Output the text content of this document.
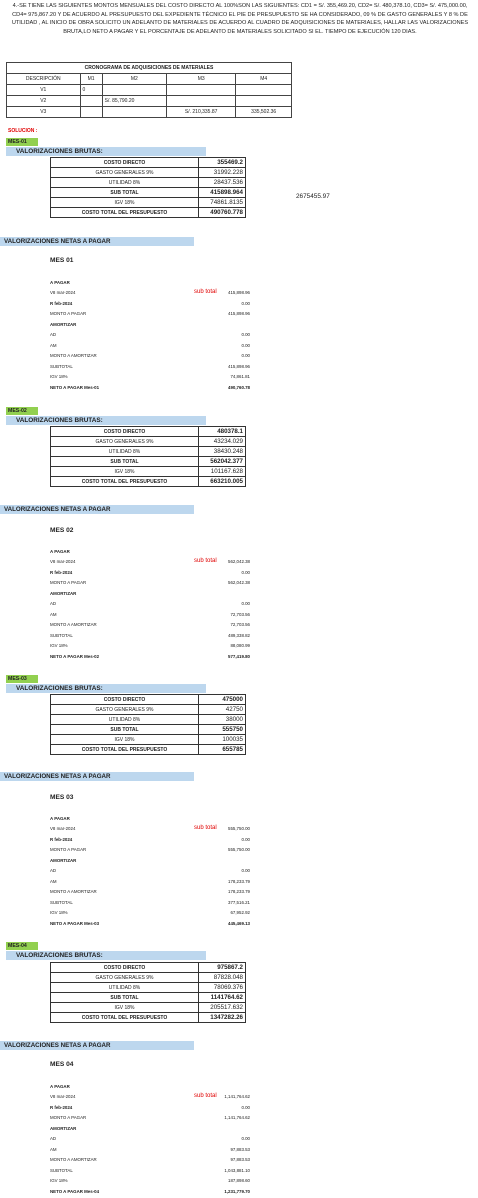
4.-SE TIENE LAS SIGUIENTES MONTOS MENSUALES DEL COSTO DIRECTO AL 100%SON LAS SIGUIENTES: CD1 = S/. 355,469.20, CD2= S/. 480,378.10, CD3= S/. 475,000.00, CD4= 975,867.20 Y DE ACUERDO AL PRESUPUESTO DEL EXPEDIENTE TÉCNICO EL PIE DE PRESUPUESTO SE HA CONSIDERADO, 09 % DE GASTO GENERALES Y 8 % DE UTILIDAD , AL INICIO DE OBRA SOLICITO UN ADELANTO DE MATERIALES DE ACUERDO AL CUADRO DE ADQUISICIONES DE MATERIALES, HALLAR LAS VALORIZACIONES BRUTA,LO NETO A PAGAR Y EL PORCENTAJE DE ADELANTO DE MATERIALES SOLICITADO SI EL. TIEMPO DE EJECUCIÓN 120 DIAS.
CRONOGRAMA DE ADQUISICIONES DE MATERIALES				
DESCRIPCIÓN	M1	M2	M3	M4
V1	0			
V2		S/. 85,790.20		
V3			S/. 210,335.87	335,502.36
SOLUCION :
2675455.97
MES-01
VALORIZACIONES BRUTAS:
COSTO DIRECTO	355469.2
GASTO GENERALES 9%	31992.228
UTILIDAD 8%	28437.536
SUB TOTAL	415898.964
IGV 18%	74861.8135
COSTO TOTAL DEL PRESUPUESTO	490760.778
VALORIZACIONES NETAS A PAGAR
MES 01
sub total
A PAGAR	
V8 mar-2024	415,898.96
R feb-2024	0.00
MONTO A PAGAR	415,898.96
AMORTIZAR	
AD	0.00
AM	0.00
MONTO A AMORTIZAR	0.00
SUBTOTAL	415,898.96
IGV 18%	74,861.81
NETO A PAGAR Mes-01	490,760.78
MES-02
VALORIZACIONES BRUTAS:
COSTO DIRECTO	480378.1
GASTO GENERALES 9%	43234.029
UTILIDAD 8%	38430.248
SUB TOTAL	562042.377
IGV 18%	101167.628
COSTO TOTAL DEL PRESUPUESTO	663210.005
VALORIZACIONES NETAS A PAGAR
MES 02
sub total
A PAGAR	
V8 mar-2024	562,042.38
R feb-2024	0.00
MONTO A PAGAR	562,042.38
AMORTIZAR	
AD	0.00
AM	72,703.56
MONTO A AMORTIZAR	72,703.56
SUBTOTAL	489,338.82
IGV 18%	88,080.99
NETO A PAGAR Mes-02	577,419.80
MES-03
VALORIZACIONES BRUTAS:
COSTO DIRECTO	475000
GASTO GENERALES 9%	42750
UTILIDAD 8%	38000
SUB TOTAL	555750
IGV 18%	100035
COSTO TOTAL DEL PRESUPUESTO	655785
VALORIZACIONES NETAS A PAGAR
MES 03
sub total
A PAGAR	
V8 mar-2024	555,750.00
R feb-2024	0.00
MONTO A PAGAR	555,750.00
AMORTIZAR	
AD	0.00
AM	178,233.79
MONTO A AMORTIZAR	178,233.79
SUBTOTAL	377,516.21
IGV 18%	67,952.92
NETO A PAGAR Mes-03	445,469.13
MES-04
VALORIZACIONES BRUTAS:
COSTO DIRECTO	975867.2
GASTO GENERALES 9%	87828.048
UTILIDAD 8%	78069.376
SUB TOTAL	1141764.62
IGV 18%	205517.632
COSTO TOTAL DEL PRESUPUESTO	1347282.26
VALORIZACIONES NETAS A PAGAR
MES 04
sub total
A PAGAR	
V8 mar-2024	1,141,764.62
R feb-2024	0.00
MONTO A PAGAR	1,141,764.62
AMORTIZAR	
AD	0.00
AM	97,883.53
MONTO A AMORTIZAR	97,883.53
SUBTOTAL	1,043,881.10
IGV 18%	187,898.60
NETO A PAGAR Mes-04	1,231,779.70
